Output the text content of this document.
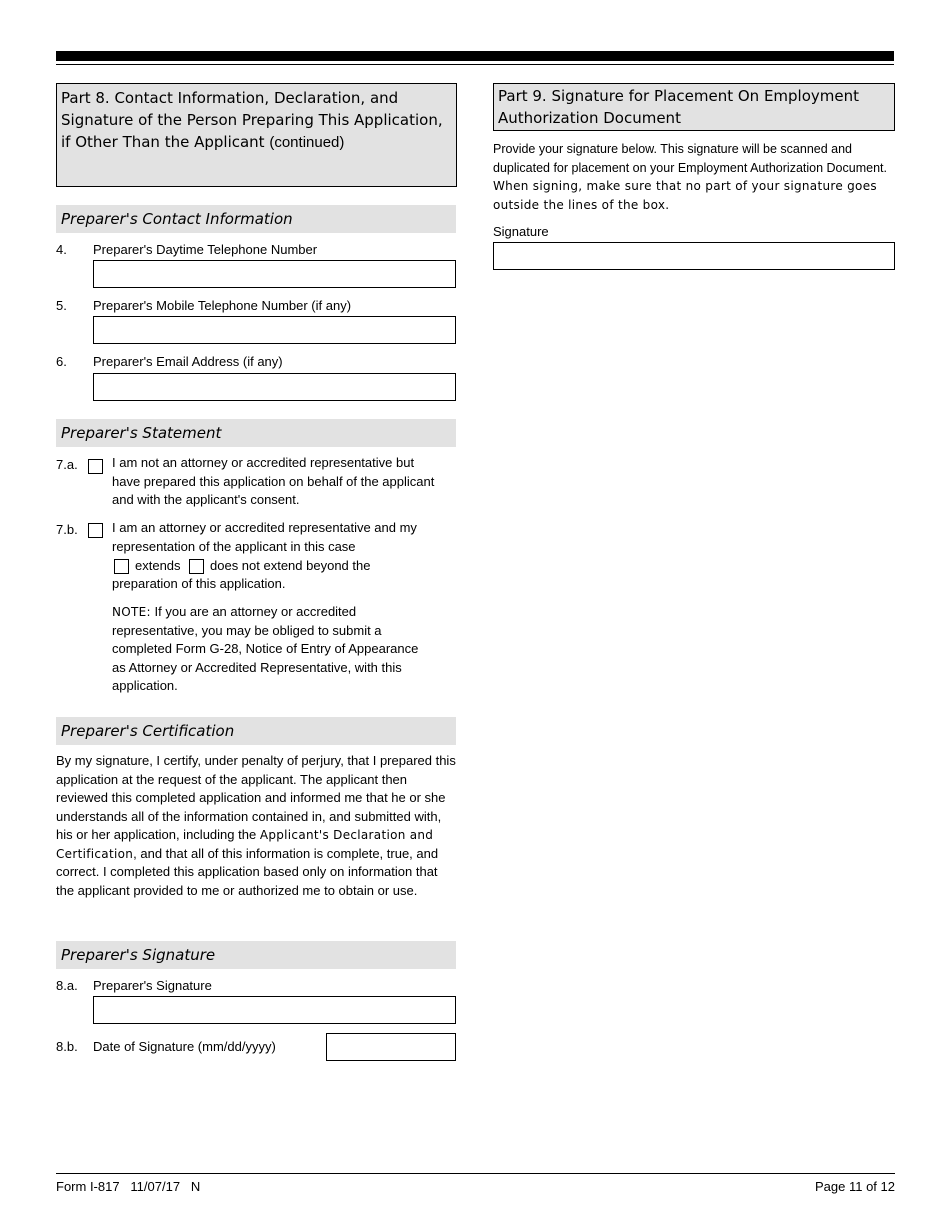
Part 8. Contact Information, Declaration, and Signature of the Person Preparing This Application, if Other Than the Applicant (continued)
Preparer's Contact Information
4. Preparer's Daytime Telephone Number
5. Preparer's Mobile Telephone Number (if any)
6. Preparer's Email Address (if any)
Preparer's Statement
7.a.	I am not an attorney or accredited representative but have prepared this application on behalf of the applicant and with the applicant's consent.
7.b.	I am an attorney or accredited representative and my representation of the applicant in this case
extends does not extend beyond the
preparation of this application.
NOTE: If you are an attorney or accredited representative, you may be obliged to submit a completed Form G-28, Notice of Entry of Appearance as Attorney or Accredited Representative, with this application.
Preparer's Certification
By my signature, I certify, under penalty of perjury, that I prepared this application at the request of the applicant. The applicant then reviewed this completed application and informed me that he or she understands all of the information contained in, and submitted with, his or her application, including the Applicant's Declaration and Certification, and that all of this information is complete, true, and correct. I completed this application based only on information that the applicant provided to me or authorized me to obtain or use.
Preparer's Signature
8.a. Preparer's Signature
8.b. Date of Signature (mm/dd/yyyy)
Part 9. Signature for Placement On Employment Authorization Document
Provide your signature below. This signature will be scanned and duplicated for placement on your Employment Authorization Document. When signing, make sure that no part of your signature goes outside the lines of the box.
Signature
Form I-817   11/07/17   N	Page 11 of 12
